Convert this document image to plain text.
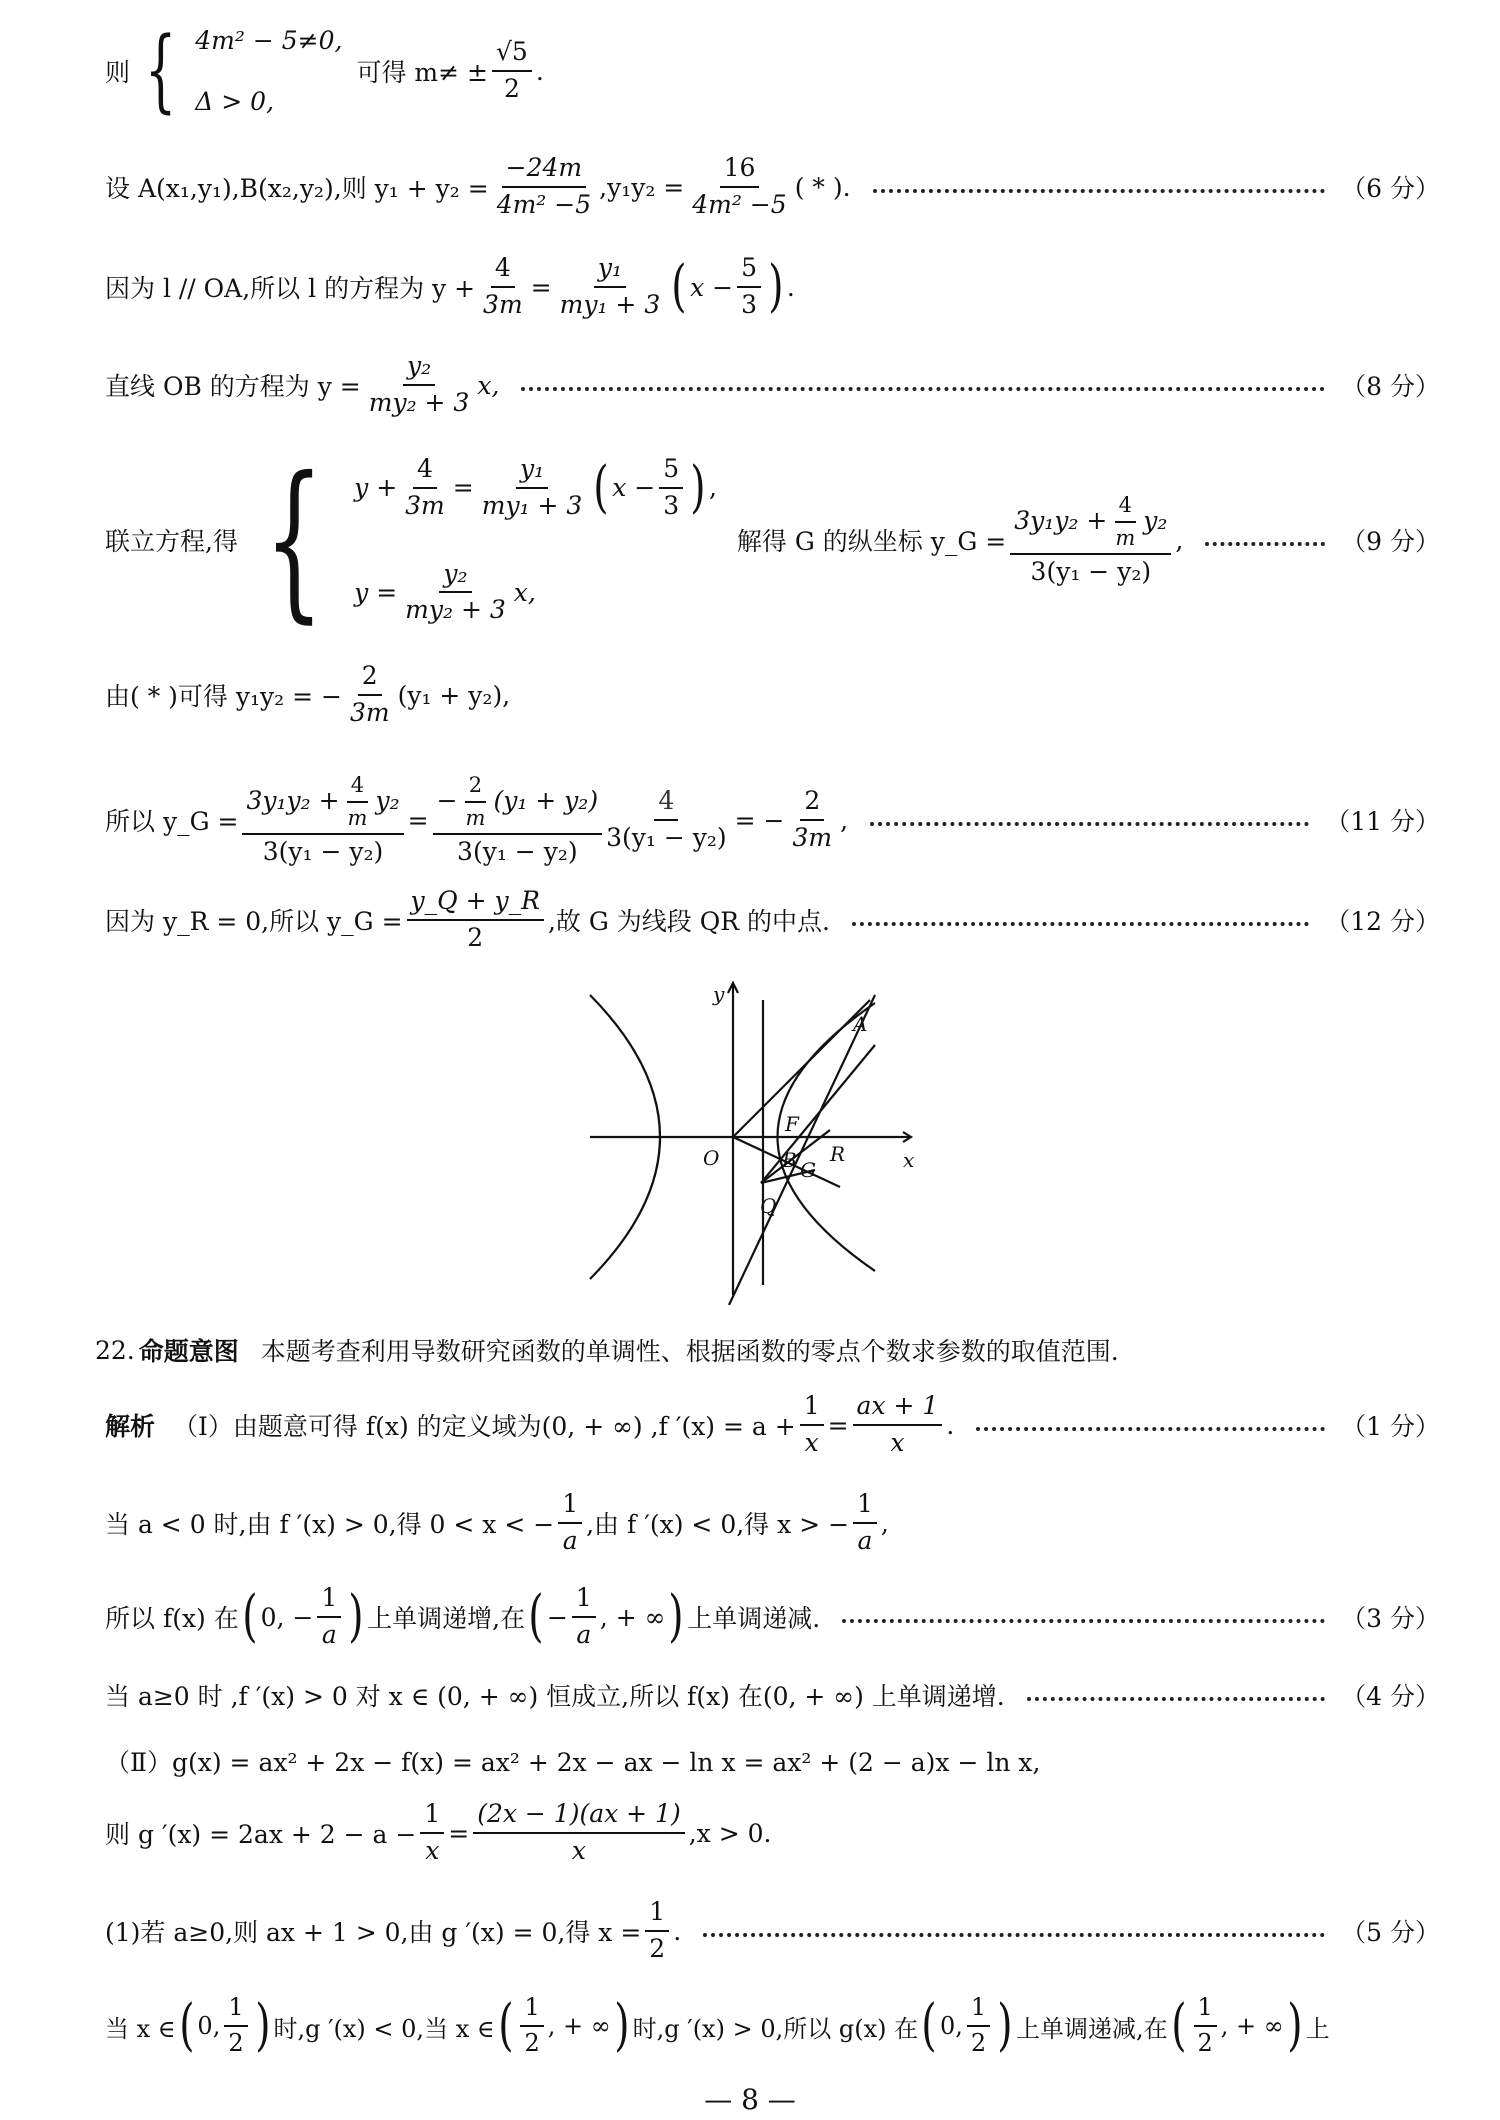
则 { 4m² − 5≠0,
Δ > 0,
可得 $m\ne \pm \frac{√5}{2}$ .
设 A(x₁,y₁),B(x₂,y₂),则 $y_1 + y_2 = \frac{-24m}{\text{4m² −5}} ,y_1y_2 = \frac{16}{\text{4m² −5}}$ ( * ).	（6 分）
因为 l // OA,所以 l 的方程为 $y + \frac{4}{3m} = \frac{\text{y₁}}{\text{my₁ + 3}}$ ( $x - \frac{5}{3}$ ) .
直线 OB 的方程为 $y = \frac{\text{y₂}}{\text{my₂ + 3}} x$,	（8 分）
联立方程,得 { $y + \frac{4}{3m} = \frac{\text{y₁}}{\text{my₁ + 3}}$ ( $x - \frac{5}{3}$ ) ,
$y = \frac{\text{y₂}}{\text{my₂ + 3}} x$,
解得 G 的纵坐标 y_G = $\frac{3y_1y_2 + \frac{4}{m} y_2}{\text{3(y₁ − y₂)}}$ ,	（9 分）
由( * )可得 y₁y₂ = − $\frac{2}{3m} (y_1 + y_2)$,
所以 y_G = $\frac{3y_1y_2 + \frac{4}{m} y_2}{\text{3(y₁ − y₂)}} = \frac{- \frac{2}{m} (y_1 + y_2)}{\text{3(y₁ − y₂)}} \frac{4}{\text{3(y₁ − y₂)}}$ = − $\frac{2}{3m}$ ,	（11 分）
因为 y_R = 0,所以 y_G = $\frac{y\_Q + y\_R}{2}$ ,故 G 为线段 QR 的中点.	（12 分）
y
x
O
A
F
B R
G
Q
22. 命题意图 本题考查利用导数研究函数的单调性、根据函数的零点个数求参数的取值范围.
解析 （Ⅰ）由题意可得 f(x) 的定义域为(0, + ∞) ,f $'(x) = a + \frac{1}{x} = \frac{ax + 1}{x}$ .	（1 分）
当 a < 0 时,由 f ′(x) > 0,得 0 < x < − $\frac{1}{a}$ ,由 f ′(x) < 0,得 x > − $\frac{1}{a}$ ,
所以 f(x) 在 ( 0, − $\frac{1}{a}$ ) 上单调递增,在 ( − $\frac{1}{a}$ , + ∞ ) 上单调递减.	（3 分）
当 a≥0 时 ,f ′(x) > 0 对 x ∈ (0, + ∞) 恒成立,所以 f(x) 在(0, + ∞) 上单调递增.	（4 分）
（Ⅱ）g(x) = ax² + 2x − f(x) = ax² + 2x − ax − ln x = ax² + (2 − a)x − ln x,
则 g $'(x) = 2ax + 2 - a - \frac{1}{x} = \frac{(2x - 1)(ax + 1)}{x} ,x > 0$.
(1)若 a≥0,则 ax + 1 > 0,由 g ′(x) = 0,得 $x = \frac{1}{2}$ .	（5 分）
当 x ∈ ( 0, $\frac{1}{2}$ ) 时,g ′(x) < 0,当 x ∈ ( $\frac{1}{2}$ , + ∞ ) 时,g ′(x) > 0,所以 g(x) 在 ( 0, $\frac{1}{2}$ ) 上单调递减,在 ( $\frac{1}{2}$ , + ∞ ) 上
— 8 —
